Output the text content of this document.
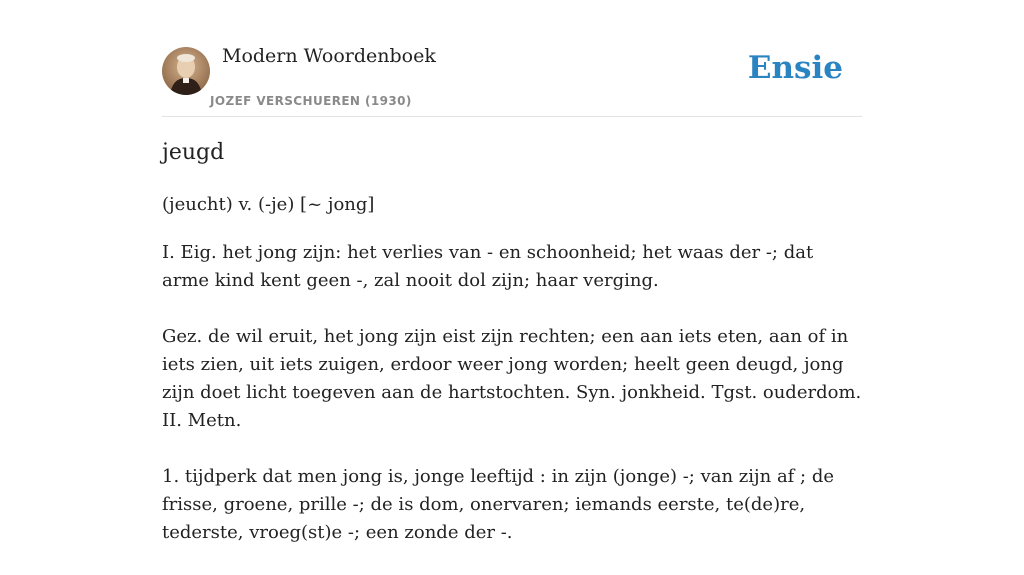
Modern Woordenboek
JOZEF VERSCHUEREN (1930)
Ensie
jeugd
(jeucht) v. (-je) [~ jong]

I. Eig. het jong zijn: het verlies van - en schoonheid; het waas der -; dat arme kind kent geen -, zal nooit dol zijn; haar verging.

Gez. de wil eruit, het jong zijn eist zijn rechten; een aan iets eten, aan of in iets zien, uit iets zuigen, erdoor weer jong worden; heelt geen deugd, jong zijn doet licht toegeven aan de hartstochten. Syn. jonkheid. Tgst. ouderdom. II. Metn.

1. tijdperk dat men jong is, jonge leeftijd : in zijn (jonge) -; van zijn af ; de frisse, groene, prille -; de is dom, onervaren; iemands eerste, te(de)re, tederste, vroeg(st)e -; een zonde der -.
